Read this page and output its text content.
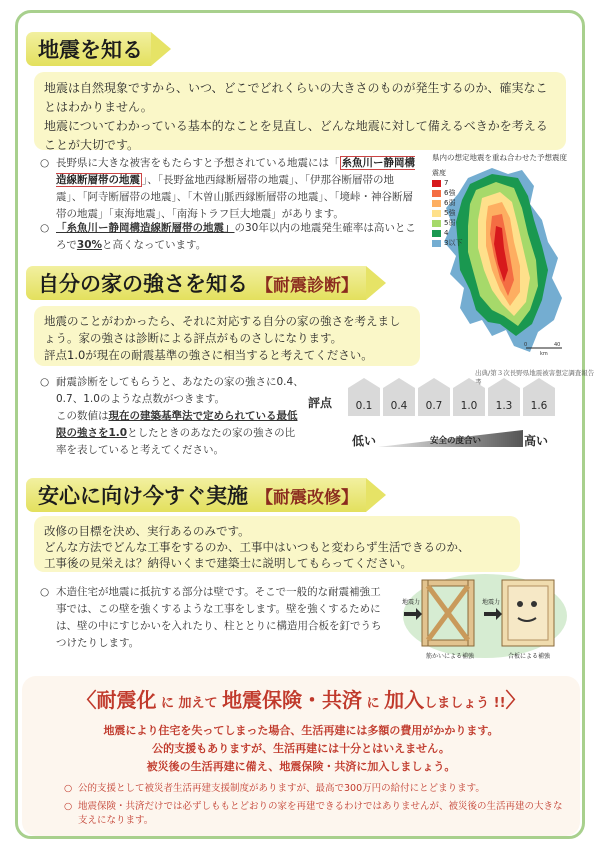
地震を知る

地震は自然現象ですから、いつ、どこでどれくらいの大きさのものが発生するのか、確実なことはわかりません。

地震についてわかっている基本的なことを見直し、どんな地震に対して備えるべきかを考えることが大切です。

○ 長野県に大きな被害をもたらすと予想されている地震には「 糸魚川ー静岡構造線断層帯の地震 」、「長野盆地西縁断層帯の地震」、「伊那谷断層帯の地震」、「阿寺断層帯の地震」、「木曽山脈西縁断層帯の地震」、「境峠・神谷断層帯の地震」「東海地震」、「南海トラフ巨大地震」があります。
○ 「糸魚川ー静岡構造線断層帯の地震」の30年以内の地震発生確率は高いところで30%と高くなっています。
県内の想定地震を重ね合わせた予想震度
0	40
km
震度
7
6強
6弱
5強
5弱
4
3以下
出典/第３次長野県地震被害想定調査報告
自分の家の強さを知る 【耐震診断】

地震のことがわかったら、それに対応する自分の家の強さを考えましょう。家の強さは診断による評点がものさしになります。

評点1.0が現在の耐震基準の強さに相当すると考えてください。

○ 耐震診断をしてもらうと、あなたの家の強さに0.4、0.7、1.0のような点数がつきます。
この数値は現在の建築基準法で定められている最低限の強さを1.0としたときのあなたの家の強さの比率を表していると考えてください。
評点 0.1 0.4 0.7 1.0 1.3 1.6
低い	安全の度合い	高い
安心に向け今すぐ実施 【耐震改修】

改修の目標を決め、実行あるのみです。

どんな方法でどんな工事をするのか、工事中はいつもと変わらず生活できるのか、

工事後の見栄えは？納得いくまで建築士に説明してもらってください。

○ 木造住宅が地震に抵抗する部分は壁です。そこで一般的な耐震補強工事では、この壁を強くするような工事をします。壁を強くするためには、壁の中にすじかいを入れたり、柱ととりに構造用合板を釘でうちつけたりします。
地震力	地震力
筋かいによる補強	合板による補強
〈耐震化 に 加えて 地震保険・共済 に 加入しましょう !!〉
地震により住宅を失ってしまった場合、生活再建には多額の費用がかかります。
公的支援もありますが、生活再建には十分とはいえません。
被災後の生活再建に備え、地震保険・共済に加入しましょう。
○ 公的支援として被災者生活再建支援制度がありますが、最高で300万円の給付にとどまります。
○ 地震保険・共済だけでは必ずしももとどおりの家を再建できるわけではありませんが、被災後の生活再建の大きな支えになります。
